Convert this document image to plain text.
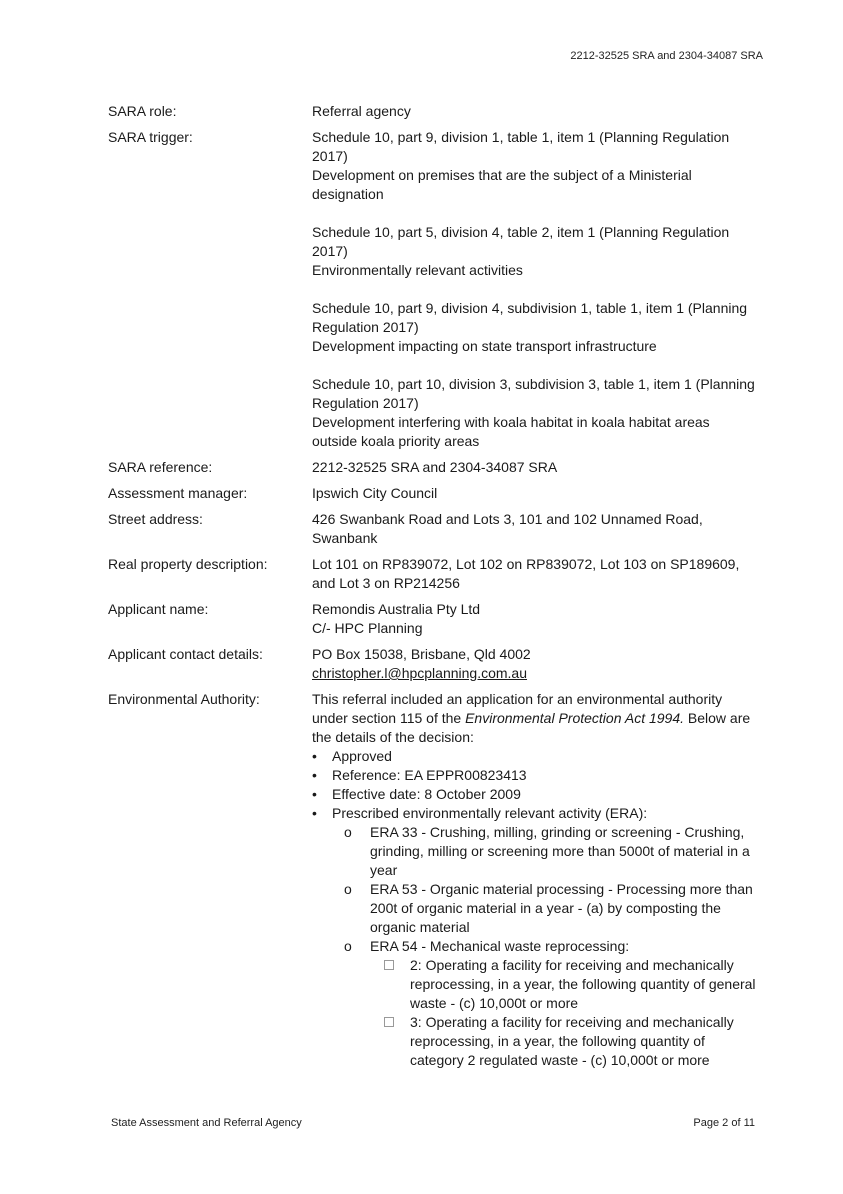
2212-32525 SRA and 2304-34087 SRA
SARA role:	Referral agency
SARA trigger:	Schedule 10, part 9, division 1, table 1, item 1 (Planning Regulation 2017)

Development on premises that are the subject of a Ministerial designation

Schedule 10, part 5, division 4, table 2, item 1 (Planning Regulation 2017)

Environmentally relevant activities

Schedule 10, part 9, division 4, subdivision 1, table 1, item 1 (Planning Regulation 2017)

Development impacting on state transport infrastructure

Schedule 10, part 10, division 3, subdivision 3, table 1, item 1 (Planning Regulation 2017)

Development interfering with koala habitat in koala habitat areas outside koala priority areas

SARA reference:	2212-32525 SRA and 2304-34087 SRA
Assessment manager:	Ipswich City Council
Street address:	426 Swanbank Road and Lots 3, 101 and 102 Unnamed Road, Swanbank
Real property description:	Lot 101 on RP839072, Lot 102 on RP839072, Lot 103 on SP189609, and Lot 3 on RP214256
Applicant name:	Remondis Australia Pty Ltd

C/- HPC Planning

Applicant contact details:	PO Box 15038, Brisbane, Qld 4002

christopher.l@hpcplanning.com.au

Environmental Authority:	This referral included an application for an environmental authority under section 115 of the Environmental Protection Act 1994. Below are the details of the decision:

•	Approved
•	Reference: EA EPPR00823413
•	Effective date: 8 October 2009
•	Prescribed environmentally relevant activity (ERA):
o	ERA 33 - Crushing, milling, grinding or screening - Crushing, grinding, milling or screening more than 5000t of material in a year
o	ERA 53 - Organic material processing - Processing more than 200t of organic material in a year - (a) by composting the organic material
o	ERA 54 - Mechanical waste reprocessing:
2: Operating a facility for receiving and mechanically reprocessing, in a year, the following quantity of general waste - (c) 10,000t or more
3: Operating a facility for receiving and mechanically reprocessing, in a year, the following quantity of category 2 regulated waste - (c) 10,000t or more
State Assessment and Referral Agency	Page 2 of 11
